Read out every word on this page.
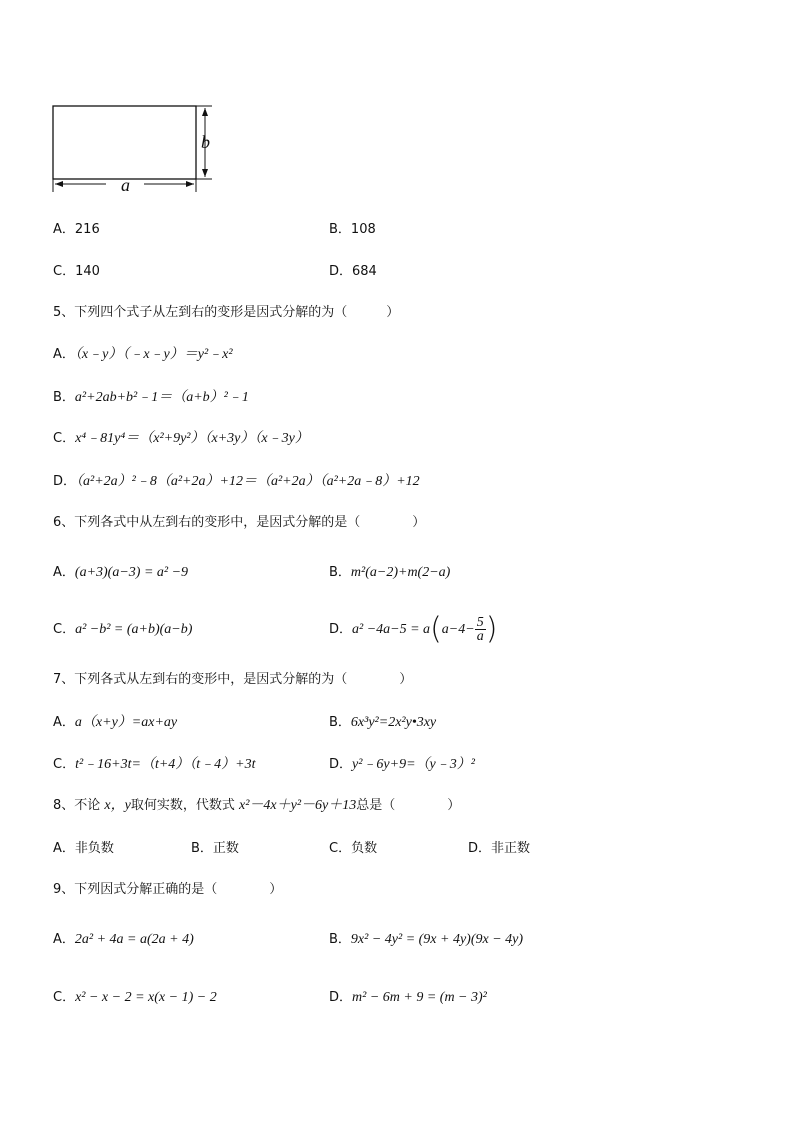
a
b
A．216	B．108
C．140	D．684
5、下列四个式子从左到右的变形是因式分解的为（　　　）
A．（x﹣y）（﹣x﹣y）＝y²﹣x²
B．a²+2ab+b²﹣1＝（a+b）²﹣1
C．x⁴﹣81y⁴＝（x²+9y²）（x+3y）（x﹣3y）
D．（a²+2a）²﹣8（a²+2a）+12＝（a²+2a）（a²+2a﹣8）+12
6、下列各式中从左到右的变形中，是因式分解的是（　　　　）
A．(a+3)(a−3) = a² −9	B．m²(a−2)+m(2−a)
C．a² −b² = (a+b)(a−b)	D．$a^2 -4a-5 = a(a-4- \frac{5}{a}$ )
7、下列各式从左到右的变形中，是因式分解的为（　　　　）
A．a（x+y）=ax+ay	B．6x³y²=2x²y•3xy
C．t²﹣16+3t=（t+4）（t﹣4）+3t	D．y²﹣6y+9=（y﹣3）²
8、不论 x，y取何实数，代数式 x²－4x＋y²－6y＋13总是（　　　　）
A．非负数	B．正数	C．负数	D．非正数
9、下列因式分解正确的是（　　　　）
A．2a² + 4a = a(2a + 4)	B．9x² − 4y² = (9x + 4y)(9x − 4y)
C．x² − x − 2 = x(x − 1) − 2	D．m² − 6m + 9 = (m − 3)²
